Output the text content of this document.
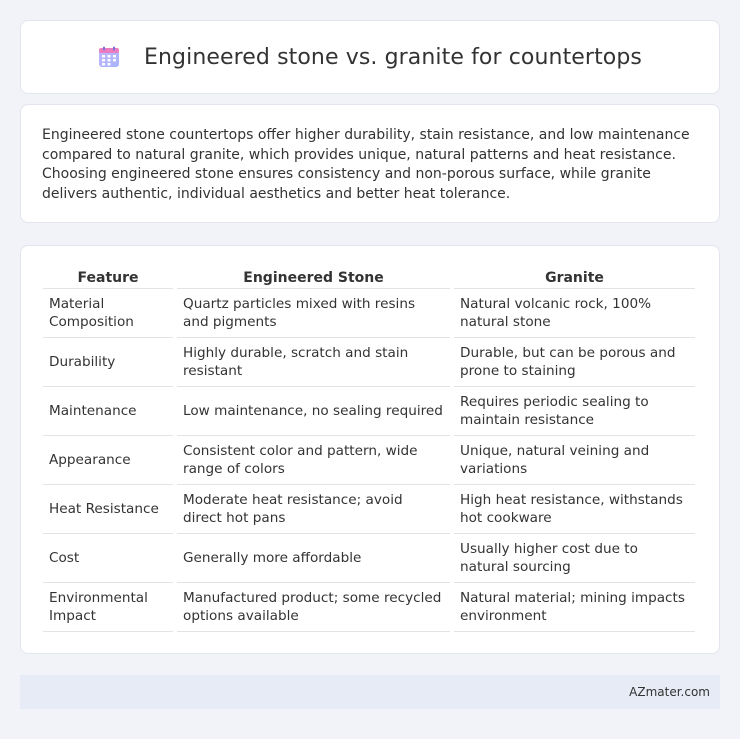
Engineered stone vs. granite for countertops

Engineered stone countertops offer higher durability, stain resistance, and low maintenance compared to natural granite, which provides unique, natural patterns and heat resistance. Choosing engineered stone ensures consistency and non-porous surface, while granite delivers authentic, individual aesthetics and better heat tolerance.

Feature	Engineered Stone	Granite
Material Composition	Quartz particles mixed with resins and pigments	Natural volcanic rock, 100% natural stone
Durability	Highly durable, scratch and stain resistant	Durable, but can be porous and prone to staining
Maintenance	Low maintenance, no sealing required	Requires periodic sealing to maintain resistance
Appearance	Consistent color and pattern, wide range of colors	Unique, natural veining and variations
Heat Resistance	Moderate heat resistance; avoid direct hot pans	High heat resistance, withstands hot cookware
Cost	Generally more affordable	Usually higher cost due to natural sourcing
Environmental Impact	Manufactured product; some recycled options available	Natural material; mining impacts environment
AZmater.com
